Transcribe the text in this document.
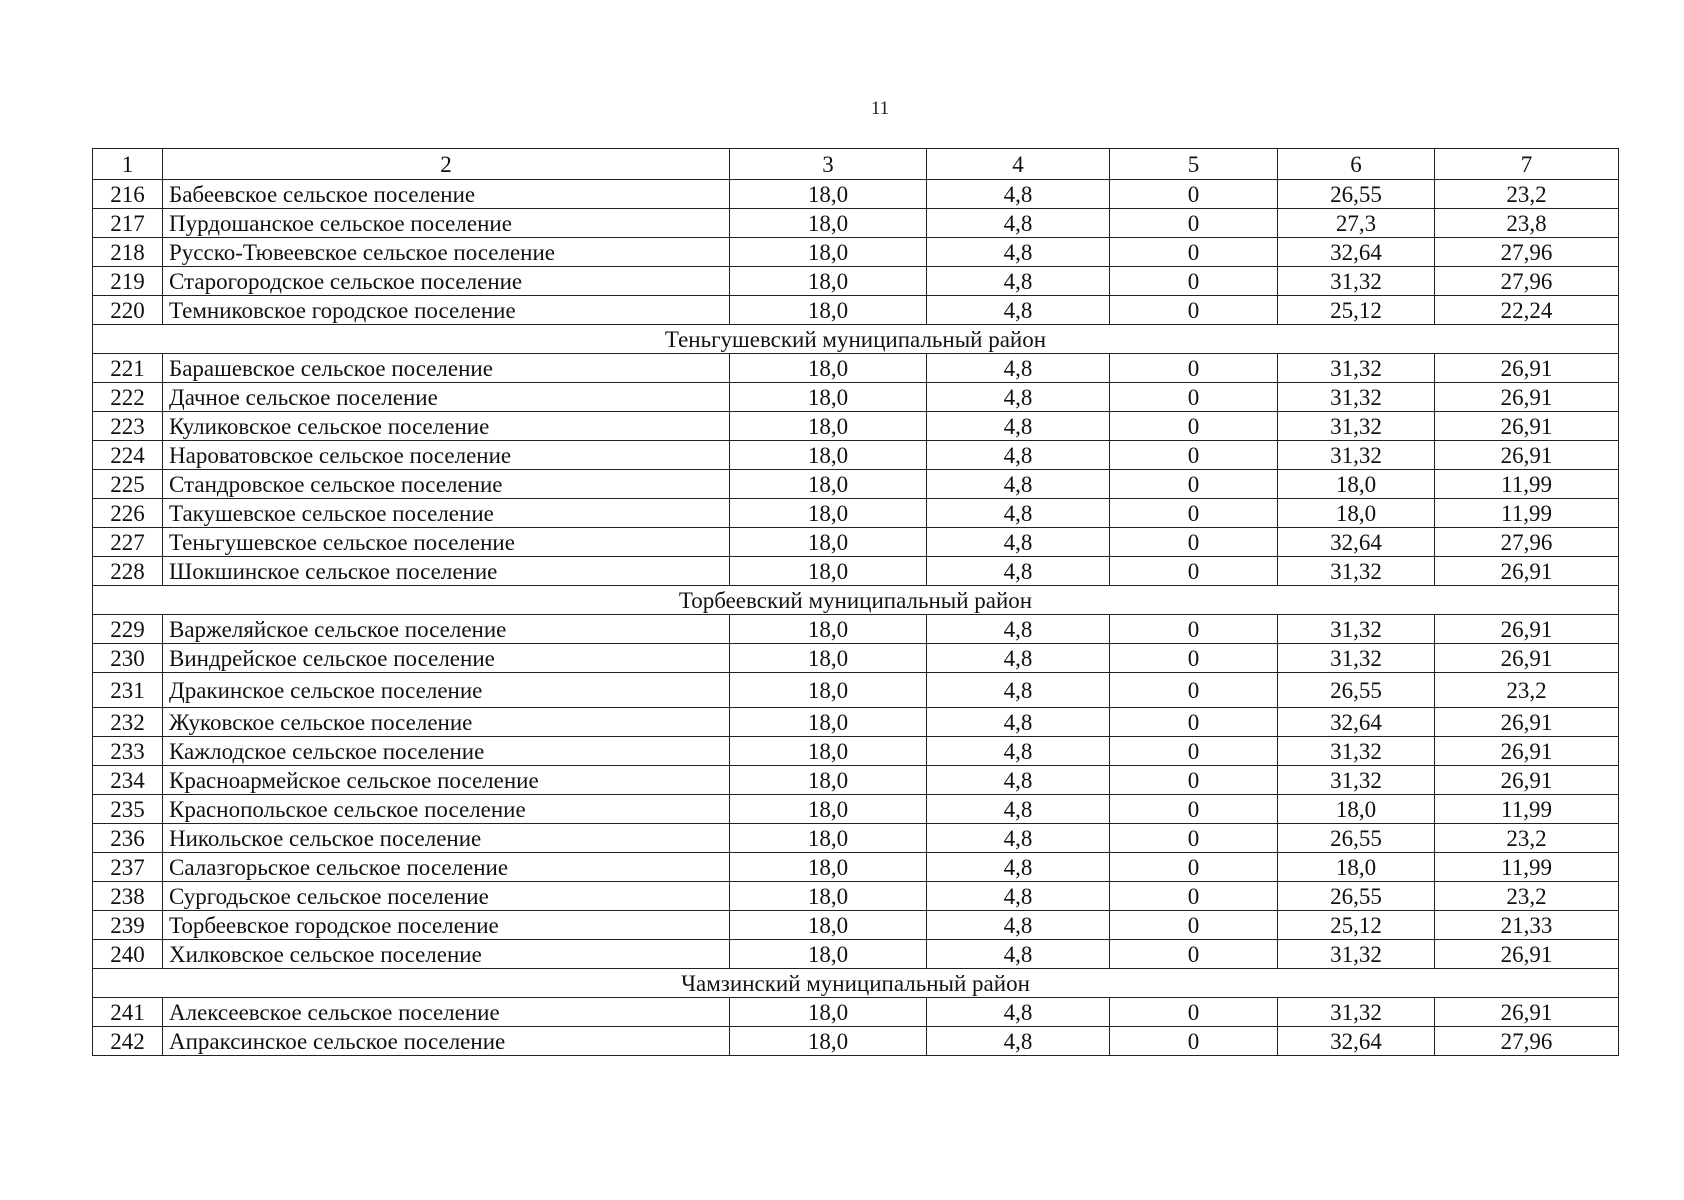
11
1	2	3	4	5	6	7
216	Бабеевское сельское поселение	18,0	4,8	0	26,55	23,2
217	Пурдошанское сельское поселение	18,0	4,8	0	27,3	23,8
218	Русско-Тювеевское сельское поселение	18,0	4,8	0	32,64	27,96
219	Старогородское сельское поселение	18,0	4,8	0	31,32	27,96
220	Темниковское городское поселение	18,0	4,8	0	25,12	22,24
Теньгушевский муниципальный район						
221	Барашевское сельское поселение	18,0	4,8	0	31,32	26,91
222	Дачное сельское поселение	18,0	4,8	0	31,32	26,91
223	Куликовское сельское поселение	18,0	4,8	0	31,32	26,91
224	Нароватовское сельское поселение	18,0	4,8	0	31,32	26,91
225	Стандровское сельское поселение	18,0	4,8	0	18,0	11,99
226	Такушевское сельское поселение	18,0	4,8	0	18,0	11,99
227	Теньгушевское сельское поселение	18,0	4,8	0	32,64	27,96
228	Шокшинское сельское поселение	18,0	4,8	0	31,32	26,91
Торбеевский муниципальный район						
229	Варжеляйское сельское поселение	18,0	4,8	0	31,32	26,91
230	Виндрейское сельское поселение	18,0	4,8	0	31,32	26,91
231	Дракинское сельское поселение	18,0	4,8	0	26,55	23,2
232	Жуковское сельское поселение	18,0	4,8	0	32,64	26,91
233	Кажлодское сельское поселение	18,0	4,8	0	31,32	26,91
234	Красноармейское сельское поселение	18,0	4,8	0	31,32	26,91
235	Краснопольское сельское поселение	18,0	4,8	0	18,0	11,99
236	Никольское сельское поселение	18,0	4,8	0	26,55	23,2
237	Салазгорьское сельское поселение	18,0	4,8	0	18,0	11,99
238	Сургодьское сельское поселение	18,0	4,8	0	26,55	23,2
239	Торбеевское городское поселение	18,0	4,8	0	25,12	21,33
240	Хилковское сельское поселение	18,0	4,8	0	31,32	26,91
Чамзинский муниципальный район						
241	Алексеевское сельское поселение	18,0	4,8	0	31,32	26,91
242	Апраксинское сельское поселение	18,0	4,8	0	32,64	27,96
